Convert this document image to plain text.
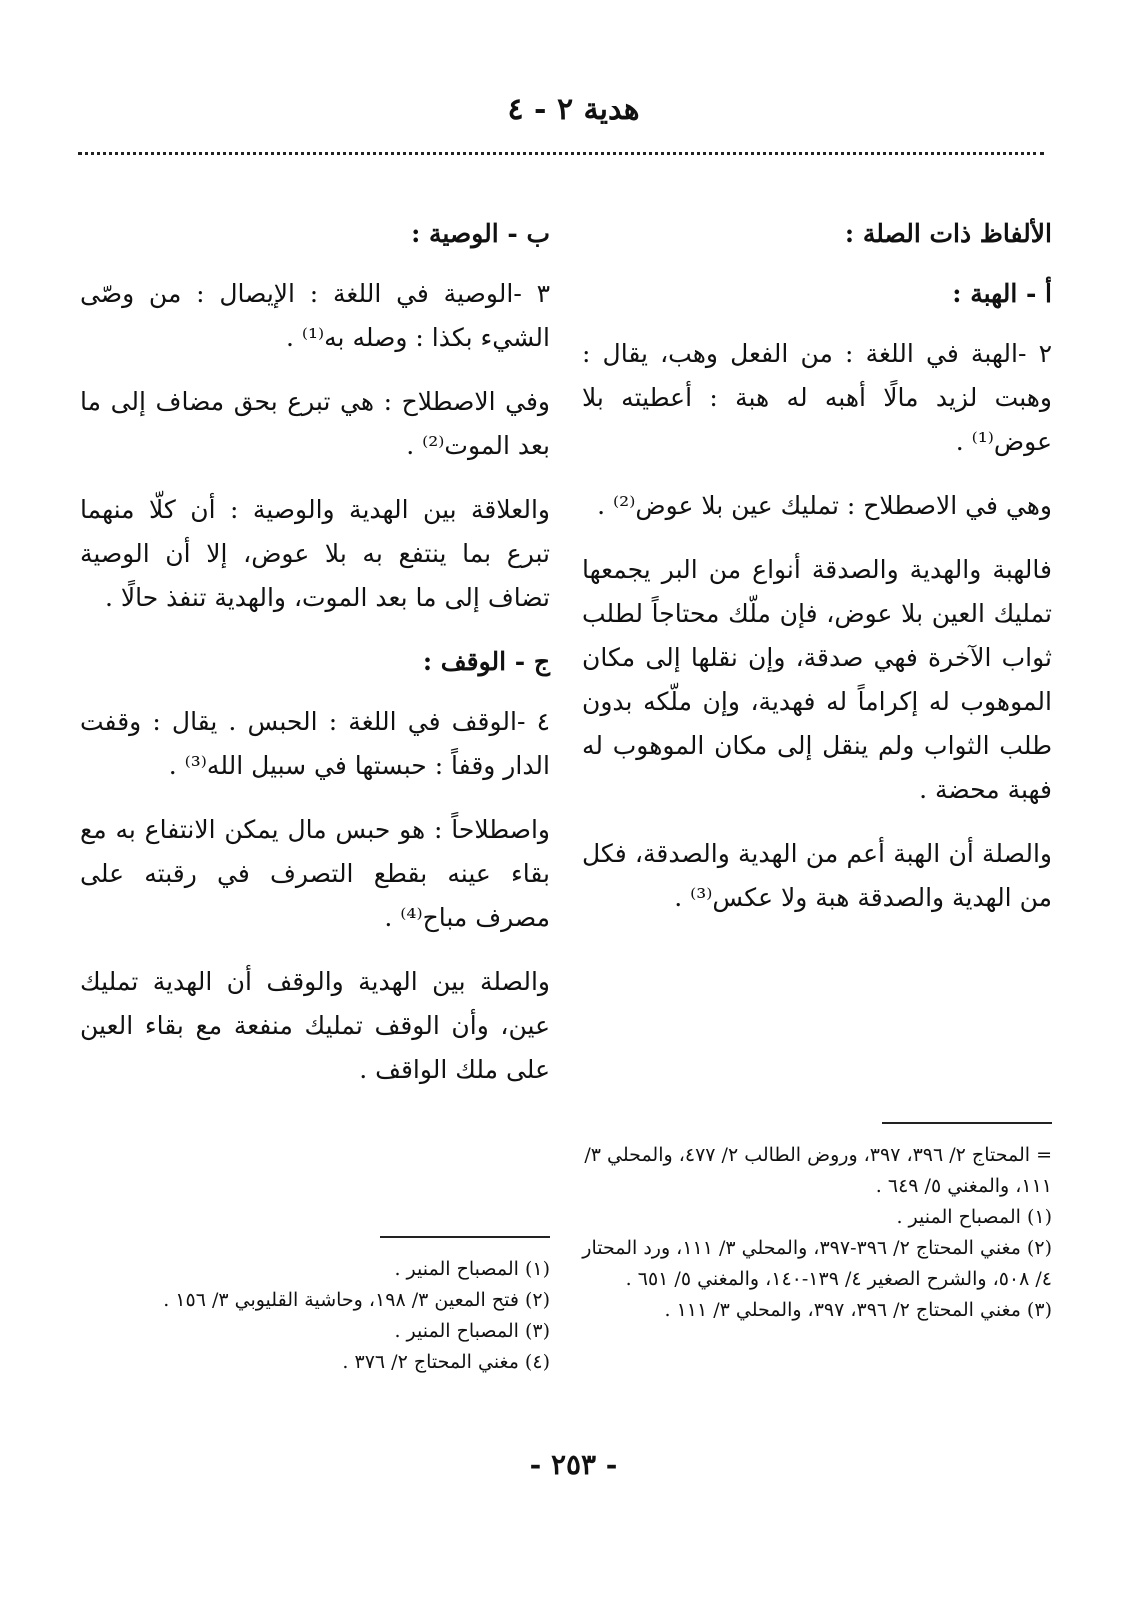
هدية ٢ - ٤

الألفاظ ذات الصلة :

أ - الهبة :

٢ -الهبة في اللغة : من الفعل وهب، يقال : وهبت لزيد مالًا أهبه له هبة : أعطيته بلا عوض⁽¹⁾ .

وهي في الاصطلاح : تمليك عين بلا عوض⁽²⁾ .

فالهبة والهدية والصدقة أنواع من البر يجمعها تمليك العين بلا عوض، فإن ملّك محتاجاً لطلب ثواب الآخرة فهي صدقة، وإن نقلها إلى مكان الموهوب له إكراماً له فهدية، وإن ملّكه بدون طلب الثواب ولم ينقل إلى مكان الموهوب له فهبة محضة .

والصلة أن الهبة أعم من الهدية والصدقة، فكل من الهدية والصدقة هبة ولا عكس⁽³⁾ .

= المحتاج ٢/ ٣٩٦، ٣٩٧، وروض الطالب ٢/ ٤٧٧، والمحلي ٣/ ١١١، والمغني ٥/ ٦٤٩ .

(١) المصباح المنير .

(٢) مغني المحتاج ٢/ ٣٩٦-٣٩٧، والمحلي ٣/ ١١١، ورد المحتار ٤/ ٥٠٨، والشرح الصغير ٤/ ١٣٩-١٤٠، والمغني ٥/ ٦٥١ .

(٣) مغني المحتاج ٢/ ٣٩٦، ٣٩٧، والمحلي ٣/ ١١١ .

ب - الوصية :

٣ -الوصية في اللغة : الإيصال : من وصّى الشيء بكذا : وصله به⁽¹⁾ .

وفي الاصطلاح : هي تبرع بحق مضاف إلى ما بعد الموت⁽²⁾ .

والعلاقة بين الهدية والوصية : أن كلّا منهما تبرع بما ينتفع به بلا عوض، إلا أن الوصية تضاف إلى ما بعد الموت، والهدية تنفذ حالًا .

ج - الوقف :

٤ -الوقف في اللغة : الحبس . يقال : وقفت الدار وقفاً : حبستها في سبيل الله⁽³⁾ .

واصطلاحاً : هو حبس مال يمكن الانتفاع به مع بقاء عينه بقطع التصرف في رقبته على مصرف مباح⁽⁴⁾ .

والصلة بين الهدية والوقف أن الهدية تمليك عين، وأن الوقف تمليك منفعة مع بقاء العين على ملك الواقف .

(١) المصباح المنير .

(٢) فتح المعين ٣/ ١٩٨، وحاشية القليوبي ٣/ ١٥٦ .

(٣) المصباح المنير .

(٤) مغني المحتاج ٢/ ٣٧٦ .

- ٢٥٣ -
